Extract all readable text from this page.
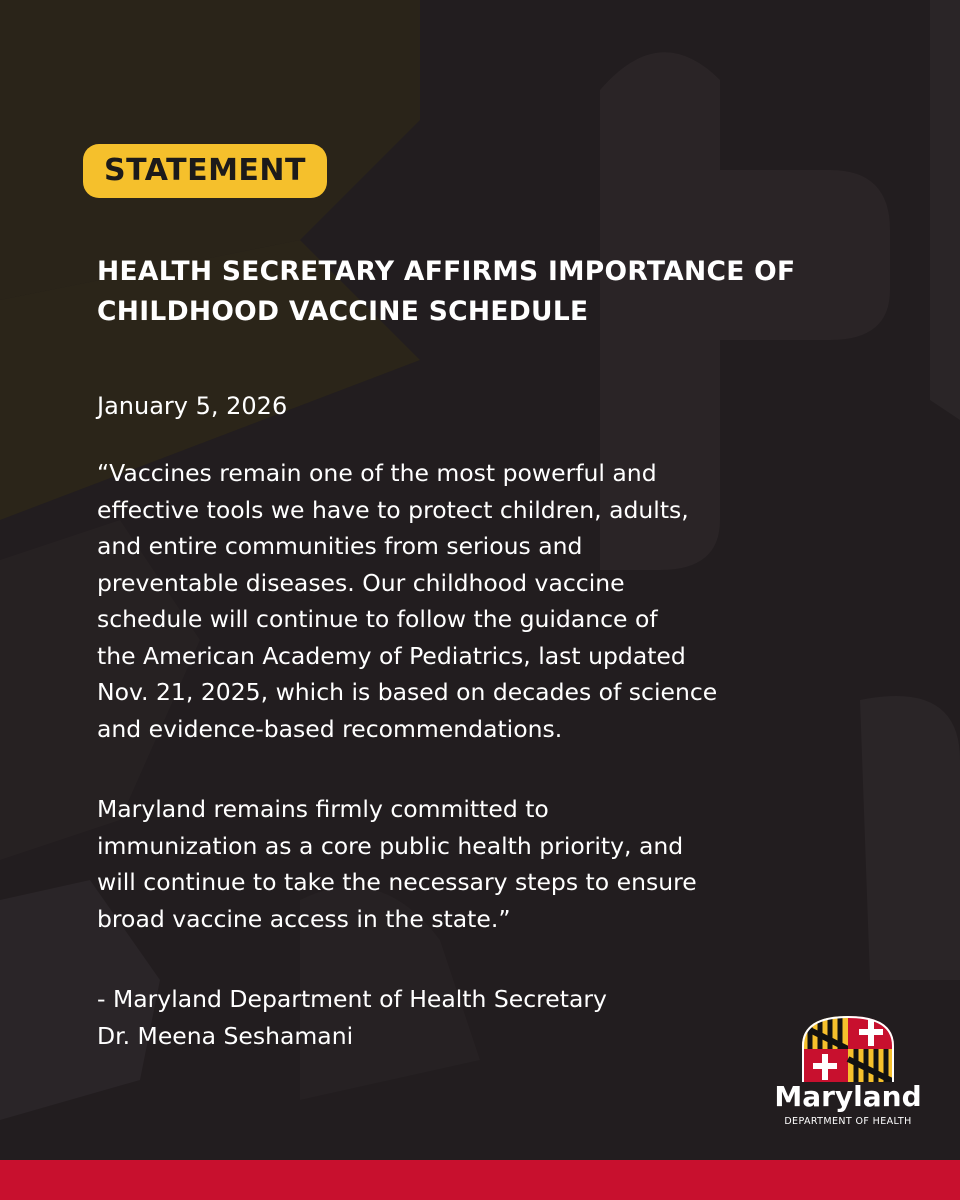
STATEMENT
HEALTH SECRETARY AFFIRMS IMPORTANCE OF CHILDHOOD VACCINE SCHEDULE

January 5, 2026

“Vaccines remain one of the most powerful and
effective tools we have to protect children, adults,
and entire communities from serious and
preventable diseases. Our childhood vaccine
schedule will continue to follow the guidance of
the American Academy of Pediatrics, last updated
Nov. 21, 2025, which is based on decades of science
and evidence-based recommendations.

Maryland remains firmly committed to
immunization as a core public health priority, and
will continue to take the necessary steps to ensure
broad vaccine access in the state.”

- Maryland Department of Health Secretary
Dr. Meena Seshamani

Maryland
DEPARTMENT OF HEALTH
